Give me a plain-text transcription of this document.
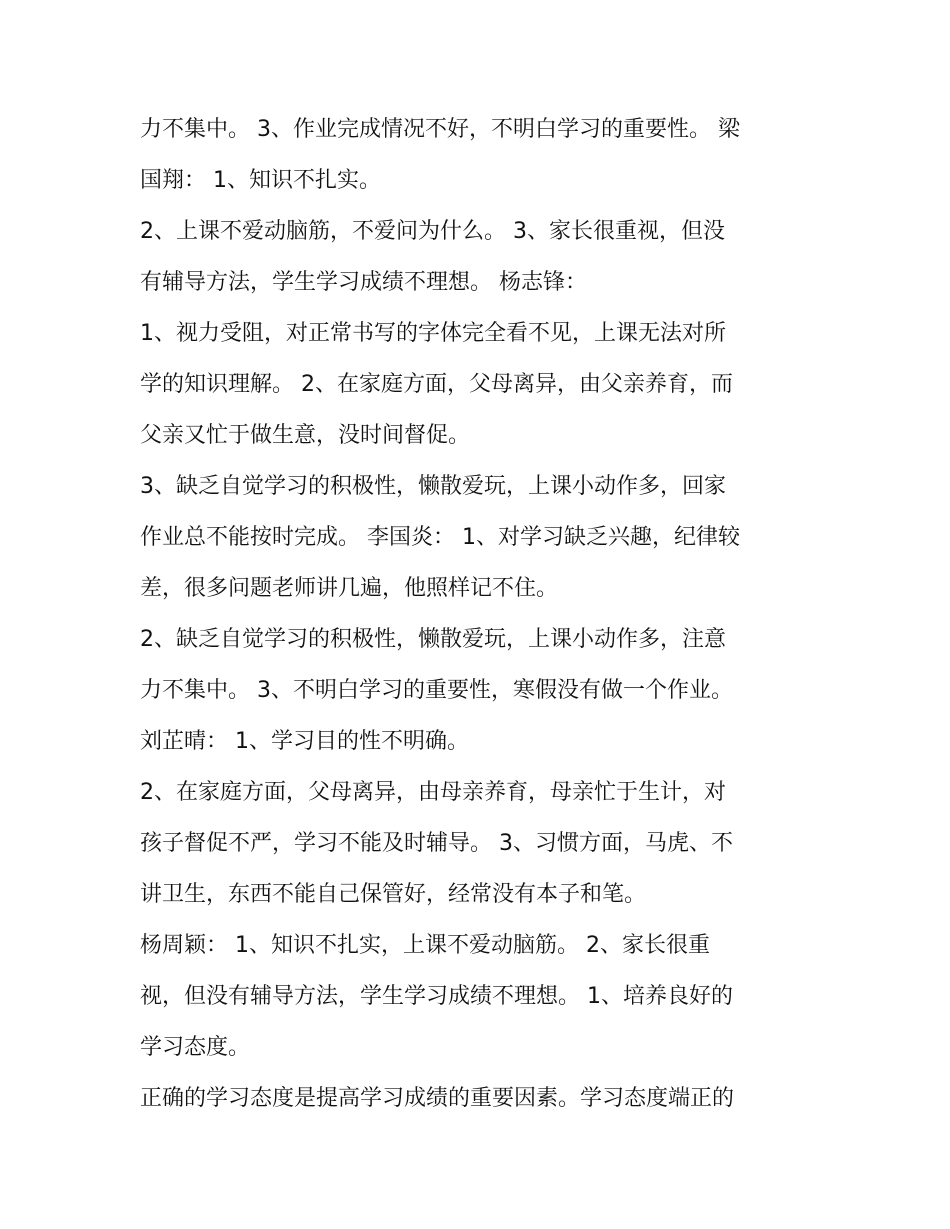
力不集中。 3、作业完成情况不好，不明白学习的重要性。 梁
国翔： 1、知识不扎实。
2、上课不爱动脑筋，不爱问为什么。 3、家长很重视，但没
有辅导方法，学生学习成绩不理想。 杨志锋：
1、视力受阻，对正常书写的字体完全看不见，上课无法对所
学的知识理解。 2、在家庭方面，父母离异，由父亲养育，而
父亲又忙于做生意，没时间督促。
3、缺乏自觉学习的积极性，懒散爱玩，上课小动作多，回家
作业总不能按时完成。 李国炎： 1、对学习缺乏兴趣，纪律较
差，很多问题老师讲几遍，他照样记不住。
2、缺乏自觉学习的积极性，懒散爱玩，上课小动作多，注意
力不集中。 3、不明白学习的重要性，寒假没有做一个作业。
刘芷晴： 1、学习目的性不明确。
2、在家庭方面，父母离异，由母亲养育，母亲忙于生计，对
孩子督促不严，学习不能及时辅导。 3、习惯方面，马虎、不
讲卫生，东西不能自己保管好，经常没有本子和笔。
杨周颖： 1、知识不扎实，上课不爱动脑筋。 2、家长很重
视，但没有辅导方法，学生学习成绩不理想。 1、培养良好的
学习态度。
正确的学习态度是提高学习成绩的重要因素。学习态度端正的
